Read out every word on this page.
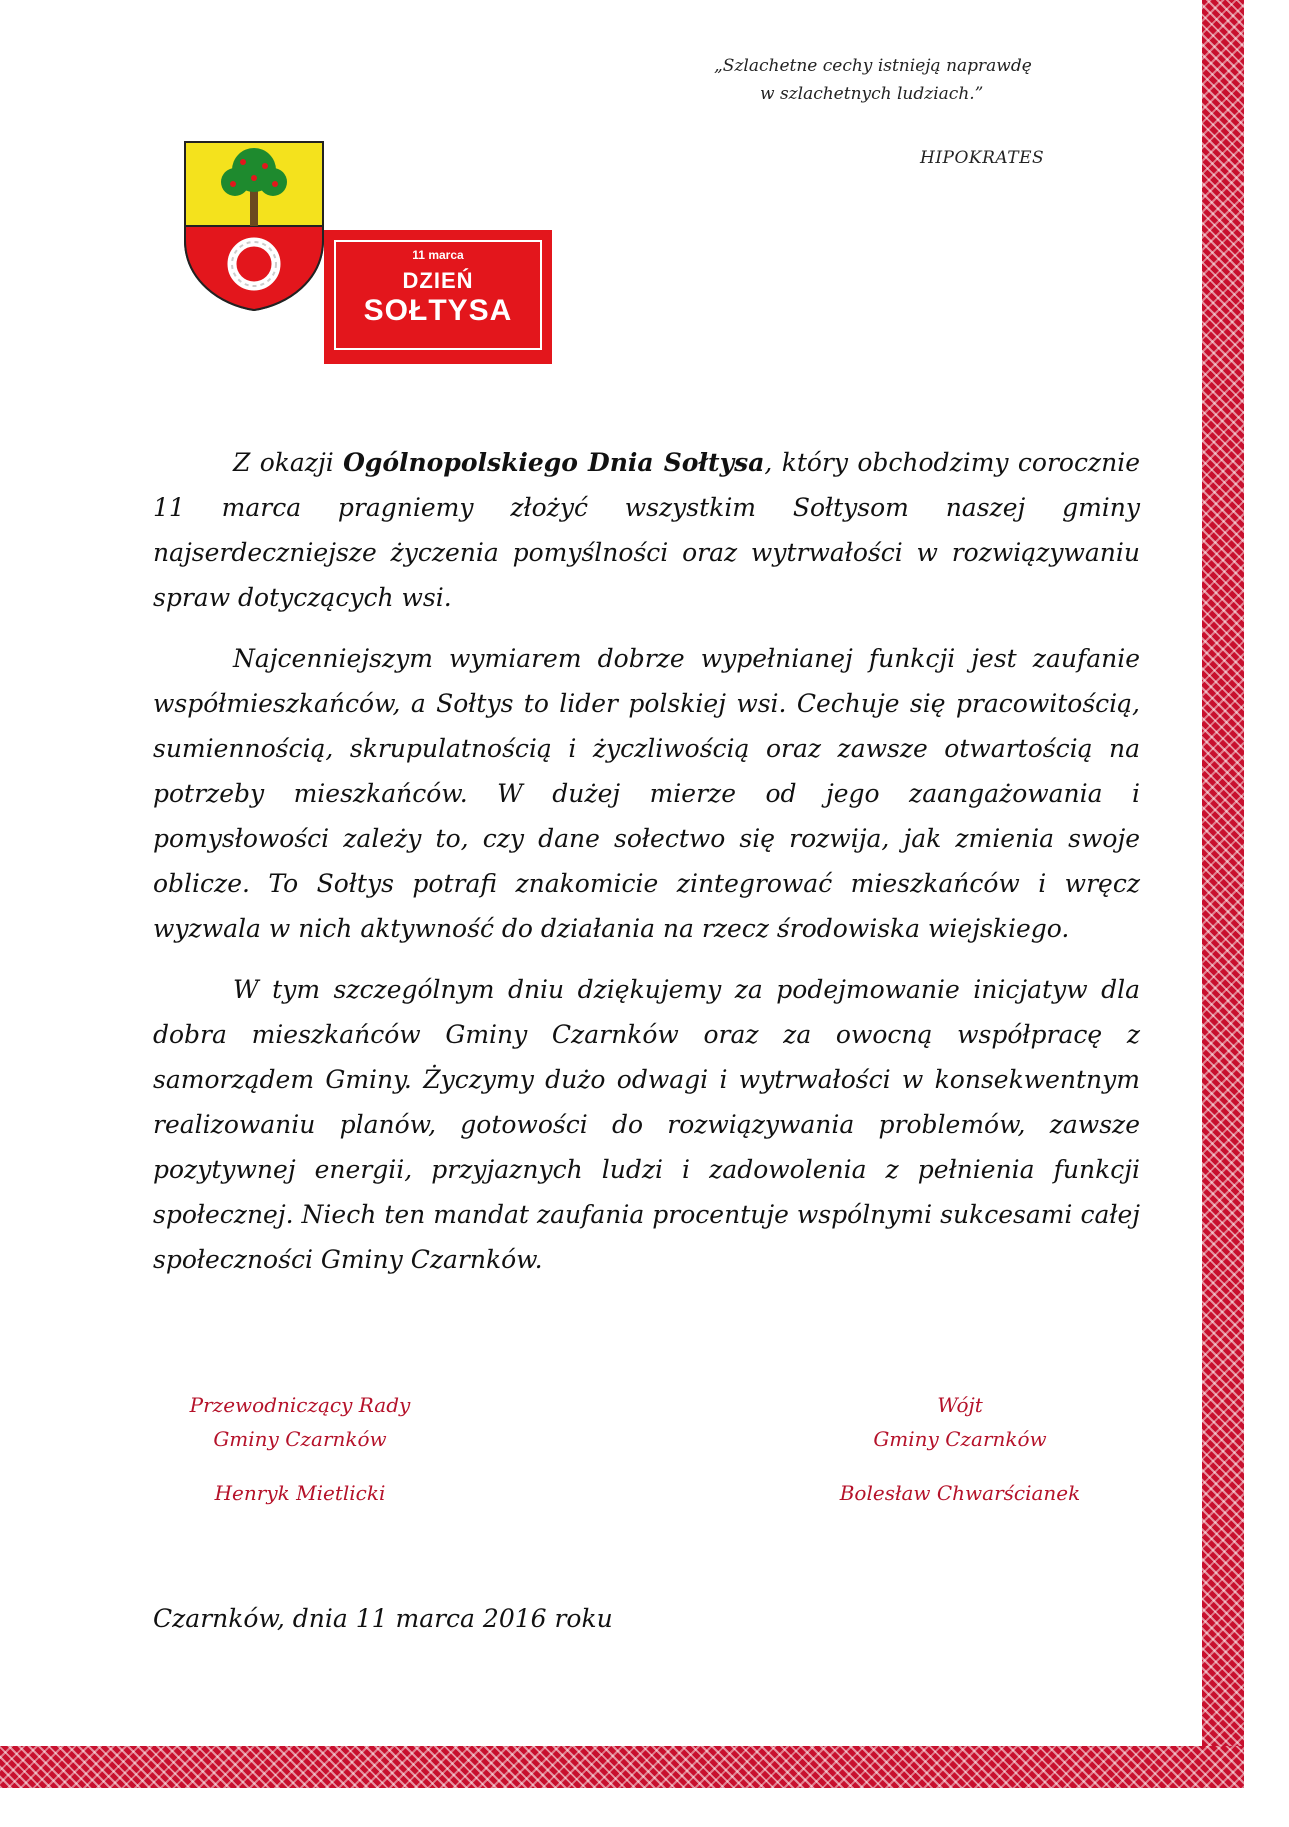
„Szlachetne cechy istnieją naprawdę
w szlachetnych ludziach.”
HIPOKRATES
11 marca
DZIEŃ
SOŁTYSA

Z okazji Ogólnopolskiego Dnia Sołtysa, który obchodzimy corocznie 11 marca pragniemy złożyć wszystkim Sołtysom naszej gminy najserdeczniejsze życzenia pomyślności oraz wytrwałości w rozwiązywaniu spraw dotyczących wsi.

Najcenniejszym wymiarem dobrze wypełnianej funkcji jest zaufanie współmieszkańców, a Sołtys to lider polskiej wsi. Cechuje się pracowitością, sumiennością, skrupulatnością i życzliwością oraz zawsze otwartością na potrzeby mieszkańców. W dużej mierze od jego zaangażowania i pomysłowości zależy to, czy dane sołectwo się rozwija, jak zmienia swoje oblicze. To Sołtys potrafi znakomicie zintegrować mieszkańców i wręcz wyzwala w nich aktywność do działania na rzecz środowiska wiejskiego.

W tym szczególnym dniu dziękujemy za podejmowanie inicjatyw dla dobra mieszkańców Gminy Czarnków oraz za owocną współpracę z samorządem Gminy. Życzymy dużo odwagi i wytrwałości w konsekwentnym realizowaniu planów, gotowości do rozwiązywania problemów, zawsze pozytywnej energii, przyjaznych ludzi i zadowolenia z pełnienia funkcji społecznej. Niech ten mandat zaufania procentuje wspólnymi sukcesami całej społeczności Gminy Czarnków.

Przewodniczący Rady
Gminy Czarnków
Henryk Mietlicki
Wójt
Gminy Czarnków
Bolesław Chwarścianek
Czarnków, dnia 11 marca 2016 roku
